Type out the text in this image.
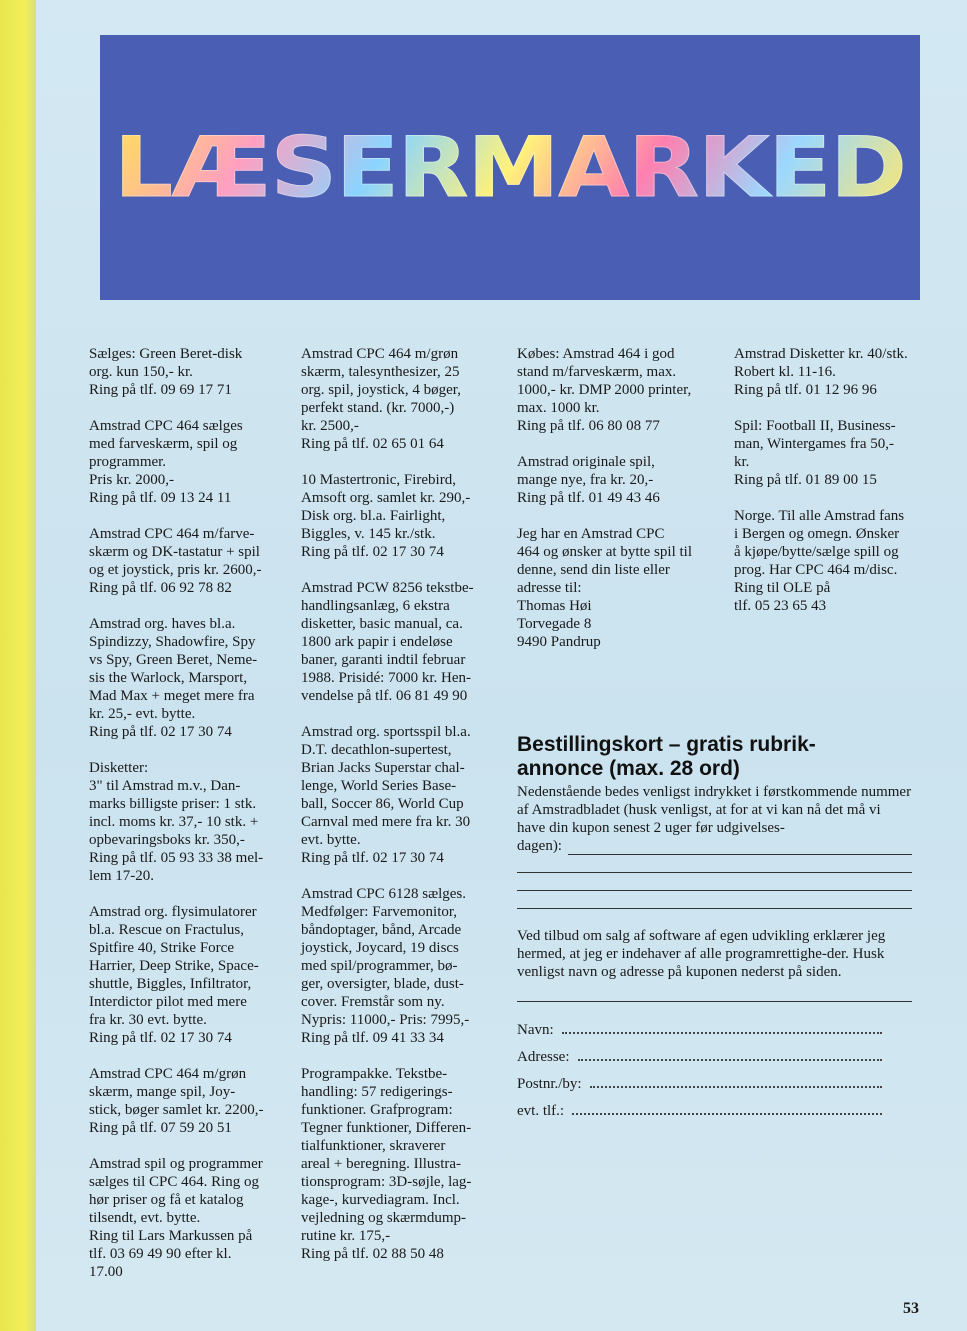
LÆSERMARKED

Sælges: Green Beret-disk
org. kun 150,- kr.
Ring på tlf. 09 69 17 71

Amstrad CPC 464 sælges
med farveskærm, spil og
programmer.
Pris kr. 2000,-
Ring på tlf. 09 13 24 11

Amstrad CPC 464 m/farve-
skærm og DK-tastatur + spil
og et joystick, pris kr. 2600,-
Ring på tlf. 06 92 78 82

Amstrad org. haves bl.a.
Spindizzy, Shadowfire, Spy
vs Spy, Green Beret, Neme-
sis the Warlock, Marsport,
Mad Max + meget mere fra
kr. 25,- evt. bytte.
Ring på tlf. 02 17 30 74

Disketter:
3" til Amstrad m.v., Dan-
marks billigste priser: 1 stk.
incl. moms kr. 37,- 10 stk. +
opbevaringsboks kr. 350,-
Ring på tlf. 05 93 33 38 mel-
lem 17-20.

Amstrad org. flysimulatorer
bl.a. Rescue on Fractulus,
Spitfire 40, Strike Force
Harrier, Deep Strike, Space-
shuttle, Biggles, Infiltrator,
Interdictor pilot med mere
fra kr. 30 evt. bytte.
Ring på tlf. 02 17 30 74

Amstrad CPC 464 m/grøn
skærm, mange spil, Joy-
stick, bøger samlet kr. 2200,-
Ring på tlf. 07 59 20 51

Amstrad spil og programmer
sælges til CPC 464. Ring og
hør priser og få et katalog
tilsendt, evt. bytte.
Ring til Lars Markussen på
tlf. 03 69 49 90 efter kl.
17.00

Amstrad CPC 464 m/grøn
skærm, talesynthesizer, 25
org. spil, joystick, 4 bøger,
perfekt stand. (kr. 7000,-)
kr. 2500,-
Ring på tlf. 02 65 01 64

10 Mastertronic, Firebird,
Amsoft org. samlet kr. 290,-
Disk org. bl.a. Fairlight,
Biggles, v. 145 kr./stk.
Ring på tlf. 02 17 30 74

Amstrad PCW 8256 tekstbe-
handlingsanlæg, 6 ekstra
disketter, basic manual, ca.
1800 ark papir i endeløse
baner, garanti indtil februar
1988. Prisidé: 7000 kr. Hen-
vendelse på tlf. 06 81 49 90

Amstrad org. sportsspil bl.a.
D.T. decathlon-supertest,
Brian Jacks Superstar chal-
lenge, World Series Base-
ball, Soccer 86, World Cup
Carnval med mere fra kr. 30
evt. bytte.
Ring på tlf. 02 17 30 74

Amstrad CPC 6128 sælges.
Medfølger: Farvemonitor,
båndoptager, bånd, Arcade
joystick, Joycard, 19 discs
med spil/programmer, bø-
ger, oversigter, blade, dust-
cover. Fremstår som ny.
Nypris: 11000,- Pris: 7995,-
Ring på tlf. 09 41 33 34

Programpakke. Tekstbe-
handling: 57 redigerings-
funktioner. Grafprogram:
Tegner funktioner, Differen-
tialfunktioner, skraverer
areal + beregning. Illustra-
tionsprogram: 3D-søjle, lag-
kage-, kurvediagram. Incl.
vejledning og skærmdump-
rutine kr. 175,-
Ring på tlf. 02 88 50 48

Købes: Amstrad 464 i god
stand m/farveskærm, max.
1000,- kr. DMP 2000 printer,
max. 1000 kr.
Ring på tlf. 06 80 08 77

Amstrad originale spil,
mange nye, fra kr. 20,-
Ring på tlf. 01 49 43 46

Jeg har en Amstrad CPC
464 og ønsker at bytte spil til
denne, send din liste eller
adresse til:
Thomas Høi
Torvegade 8
9490 Pandrup

Amstrad Disketter kr. 40/stk.
Robert kl. 11-16.
Ring på tlf. 01 12 96 96

Spil: Football II, Business-
man, Wintergames fra 50,-
kr.
Ring på tlf. 01 89 00 15

Norge. Til alle Amstrad fans
i Bergen og omegn. Ønsker
å kjøpe/bytte/sælge spill og
prog. Har CPC 464 m/disc.
Ring til OLE på
tlf. 05 23 65 43

Bestillingskort – gratis rubrik-
annonce (max. 28 ord)

Nedenstående bedes venligst indrykket i førstkommende nummer af Amstradbladet (husk venligst, at for at vi kan nå det må vi have din kupon senest 2 uger før udgivelses-

dagen):

Ved tilbud om salg af software af egen udvikling erklærer jeg hermed, at jeg er indehaver af alle programrettighe-der. Husk venligst navn og adresse på kuponen nederst på siden.

Navn:
Adresse:
Postnr./by:
evt. tlf.:
53
